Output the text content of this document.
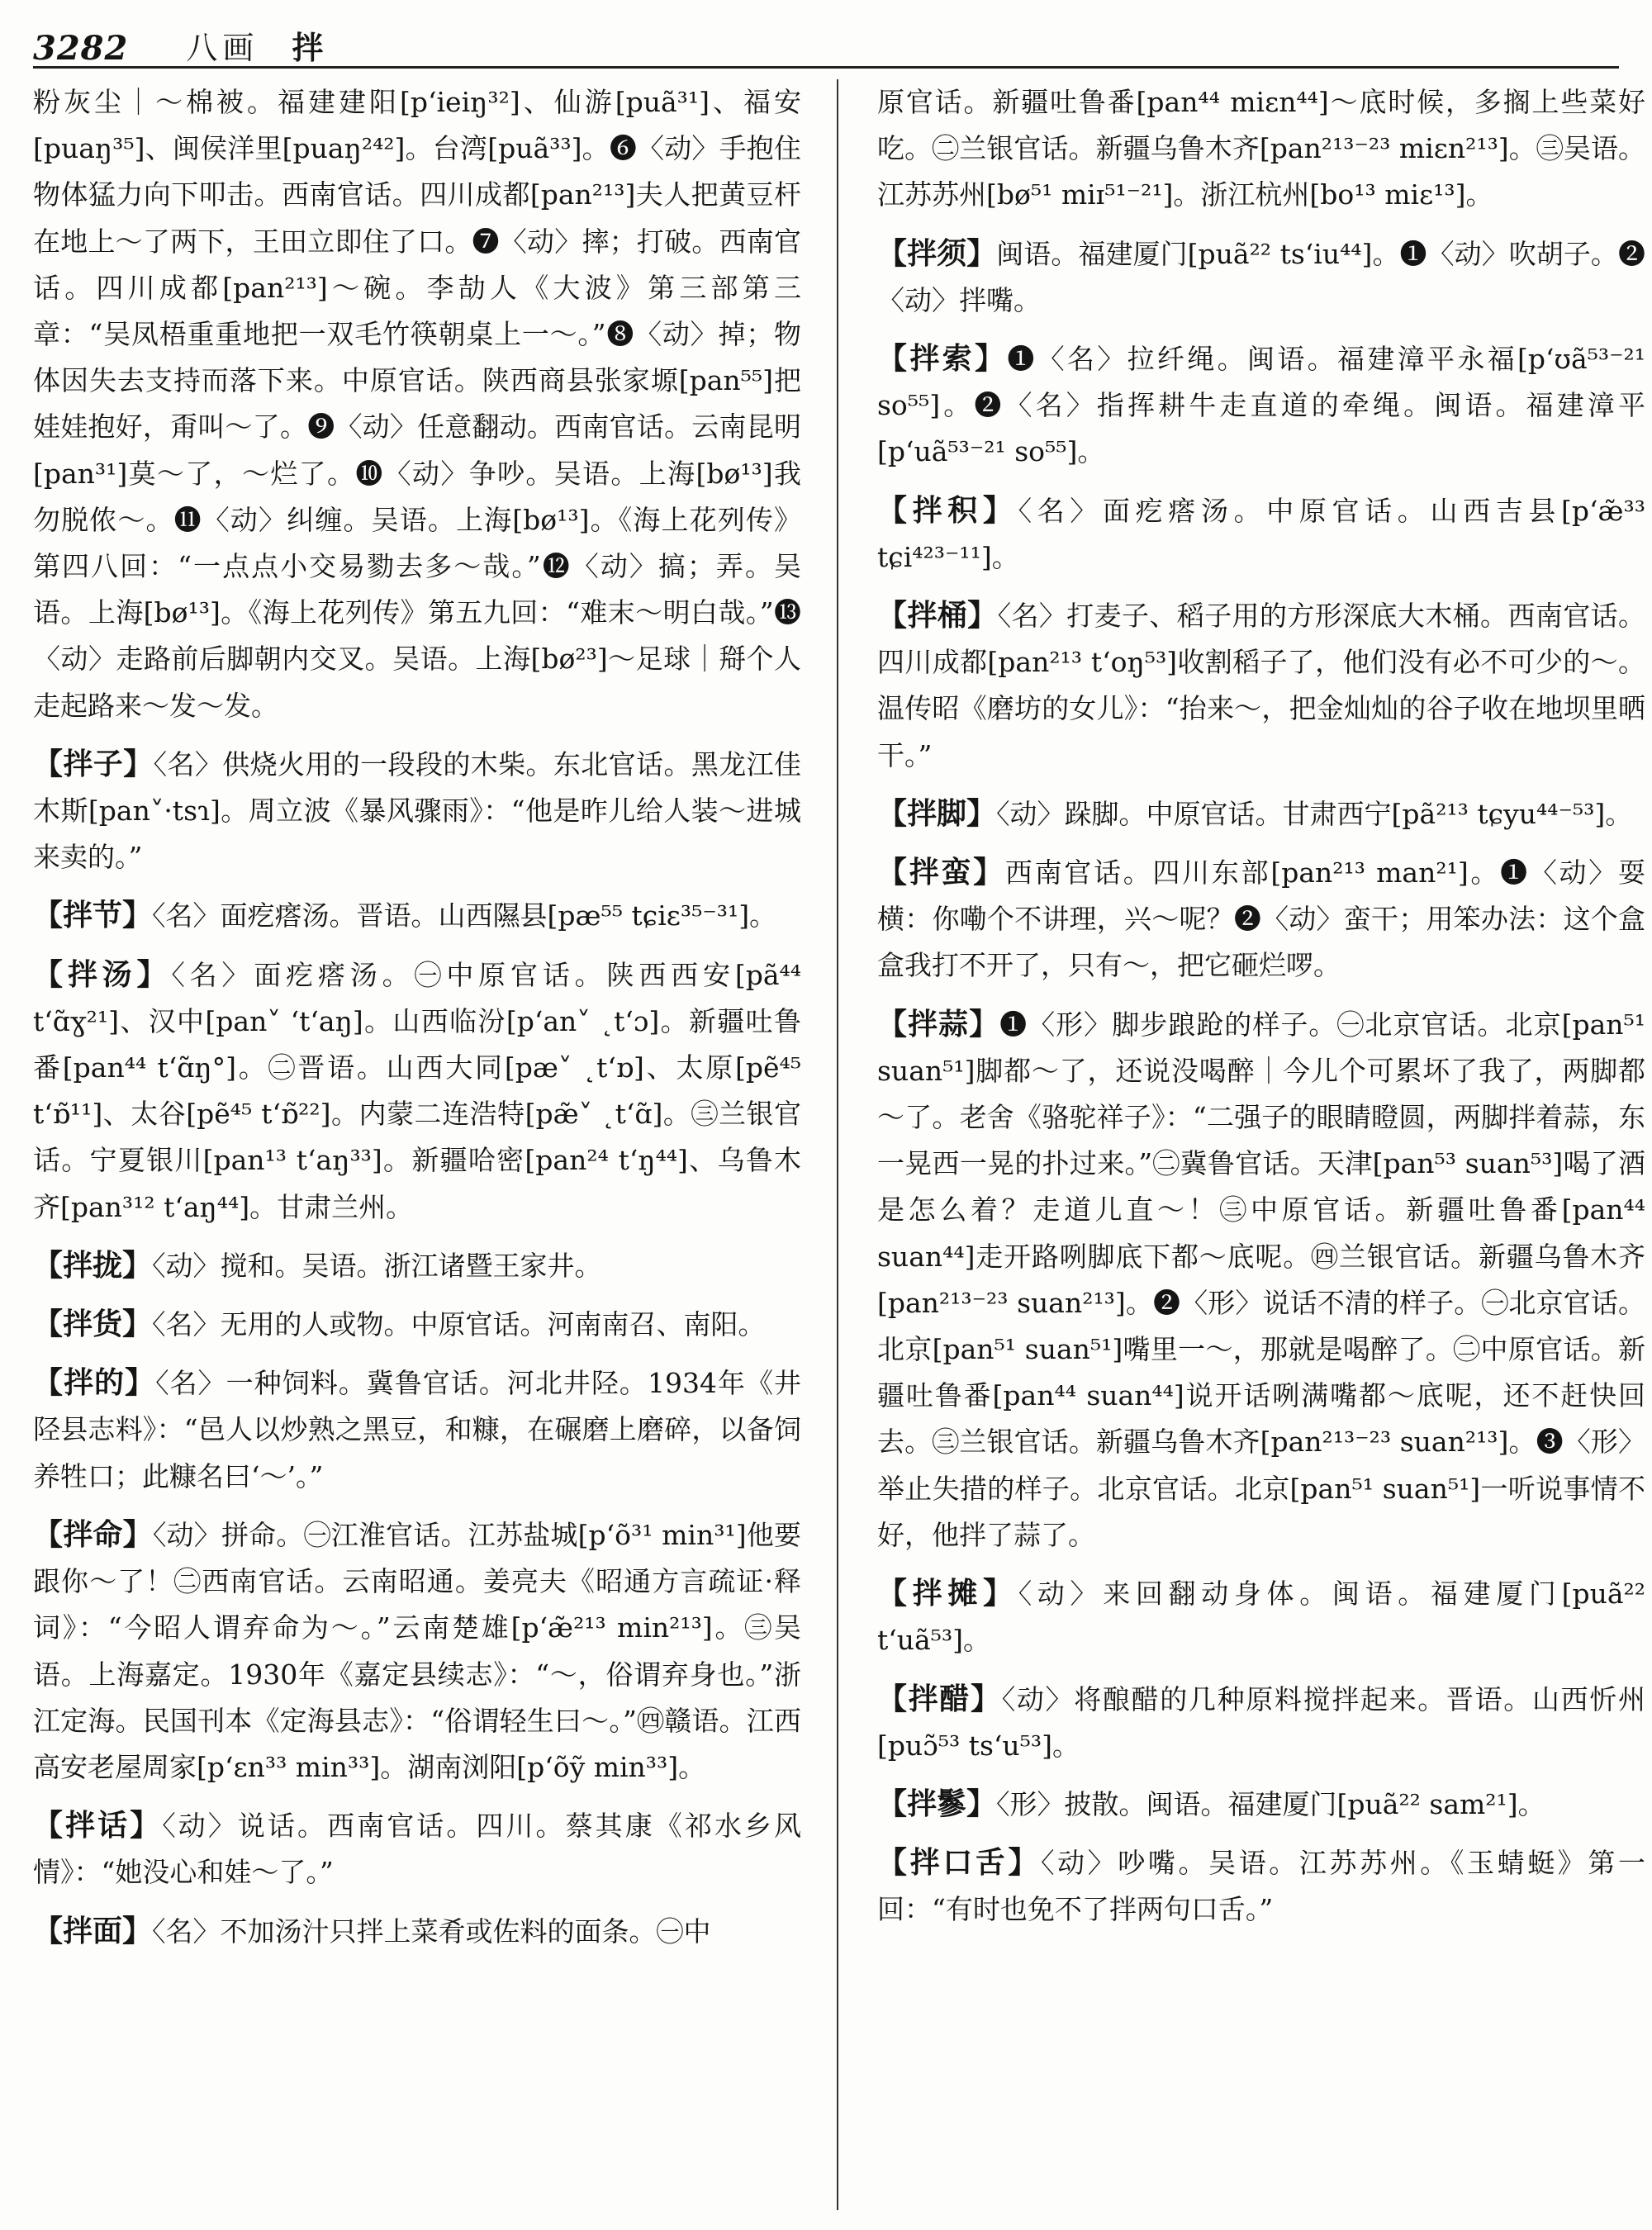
3282 八画 拌

粉灰尘｜～棉被。福建建阳[p‘ieiŋ³²]、仙游[puã³¹]、福安[puaŋ³⁵]、闽侯洋里[puaŋ²⁴²]。台湾[puã³³]。❻〈动〉手抱住物体猛力向下叩击。西南官话。四川成都[pan²¹³]夫人把黄豆杆在地上～了两下，王田立即住了口。❼〈动〉摔；打破。西南官话。四川成都[pan²¹³]～碗。李劼人《大波》第三部第三章：“吴凤梧重重地把一双毛竹筷朝桌上一～。”❽〈动〉掉；物体因失去支持而落下来。中原官话。陕西商县张家塬[pan⁵⁵]把娃娃抱好，甭叫～了。❾〈动〉任意翻动。西南官话。云南昆明[pan³¹]莫～了，～烂了。❿〈动〉争吵。吴语。上海[bø¹³]我勿脱侬～。⓫〈动〉纠缠。吴语。上海[bø¹³]。《海上花列传》第四八回：“一点点小交易勠去多～哉。”⓬〈动〉搞；弄。吴语。上海[bø¹³]。《海上花列传》第五九回：“难末～明白哉。”⓭〈动〉走路前后脚朝内交叉。吴语。上海[bø²³]～足球｜搿个人走起路来～发～发。

【拌子】〈名〉供烧火用的一段段的木柴。东北官话。黑龙江佳木斯[pan˅·tsɿ]。周立波《暴风骤雨》：“他是昨儿给人装～进城来卖的。”
【拌节】〈名〉面疙瘩汤。晋语。山西隰县[pæ⁵⁵ tɕiɛ³⁵⁻³¹]。
【拌汤】〈名〉面疙瘩汤。㊀中原官话。陕西西安[pã⁴⁴ t‘ɑ̃ɣ²¹]、汉中[pan˅ ‘t‘aŋ]。山西临汾[p‘an˅ ˛t‘ɔ]。新疆吐鲁番[pan⁴⁴ t‘ɑ̃ŋ°]。㊁晋语。山西大同[pæ˅ ˛t‘ɒ]、太原[pẽ⁴⁵ t‘ɒ̃¹¹]、太谷[pẽ⁴⁵ t‘ɒ̃²²]。内蒙二连浩特[pæ̃˅ ˛t‘ɑ̃]。㊂兰银官话。宁夏银川[pan¹³ t‘aŋ³³]。新疆哈密[pan²⁴ t‘ŋ⁴⁴]、乌鲁木齐[pan³¹² t‘aŋ⁴⁴]。甘肃兰州。
【拌拢】〈动〉搅和。吴语。浙江诸暨王家井。
【拌货】〈名〉无用的人或物。中原官话。河南南召、南阳。
【拌的】〈名〉一种饲料。冀鲁官话。河北井陉。1934年《井陉县志料》：“邑人以炒熟之黑豆，和糠，在碾磨上磨碎，以备饲养牲口；此糠名曰‘～’。”
【拌命】〈动〉拼命。㊀江淮官话。江苏盐城[p‘õ³¹ min³¹]他要跟你～了！㊁西南官话。云南昭通。姜亮夫《昭通方言疏证·释词》：“今昭人谓弃命为～。”云南楚雄[p‘æ̃²¹³ min²¹³]。㊂吴语。上海嘉定。1930年《嘉定县续志》：“～，俗谓弃身也。”浙江定海。民国刊本《定海县志》：“俗谓轻生曰～。”㊃赣语。江西高安老屋周家[p‘ɛn³³ min³³]。湖南浏阳[p‘õỹ min³³]。
【拌话】〈动〉说话。西南官话。四川。蔡其康《祁水乡风情》：“她没心和娃～了。”
【拌面】〈名〉不加汤汁只拌上菜肴或佐料的面条。㊀中

原官话。新疆吐鲁番[pan⁴⁴ miɛn⁴⁴]～底时候，多搁上些菜好吃。㊁兰银官话。新疆乌鲁木齐[pan²¹³⁻²³ miɛn²¹³]。㊂吴语。江苏苏州[bø⁵¹ miɪ⁵¹⁻²¹]。浙江杭州[bo¹³ miɛ¹³]。

【拌须】闽语。福建厦门[puã²² ts‘iu⁴⁴]。❶〈动〉吹胡子。❷〈动〉拌嘴。
【拌索】❶〈名〉拉纤绳。闽语。福建漳平永福[p‘ʊã⁵³⁻²¹ so⁵⁵]。❷〈名〉指挥耕牛走直道的牵绳。闽语。福建漳平[p‘uã⁵³⁻²¹ so⁵⁵]。
【拌积】〈名〉面疙瘩汤。中原官话。山西吉县[p‘æ̃³³ tɕi⁴²³⁻¹¹]。
【拌桶】〈名〉打麦子、稻子用的方形深底大木桶。西南官话。四川成都[pan²¹³ t‘oŋ⁵³]收割稻子了，他们没有必不可少的～。温传昭《磨坊的女儿》：“抬来～，把金灿灿的谷子收在地坝里晒干。”
【拌脚】〈动〉跺脚。中原官话。甘肃西宁[pã²¹³ tɕyu⁴⁴⁻⁵³]。
【拌蛮】西南官话。四川东部[pan²¹³ man²¹]。❶〈动〉耍横：你嘞个不讲理，兴～呢？❷〈动〉蛮干；用笨办法：这个盒盒我打不开了，只有～，把它砸烂啰。
【拌蒜】❶〈形〉脚步踉跄的样子。㊀北京官话。北京[pan⁵¹ suan⁵¹]脚都～了，还说没喝醉｜今儿个可累坏了我了，两脚都～了。老舍《骆驼祥子》：“二强子的眼睛瞪圆，两脚拌着蒜，东一晃西一晃的扑过来。”㊁冀鲁官话。天津[pan⁵³ suan⁵³]喝了酒是怎么着？走道儿直～！㊂中原官话。新疆吐鲁番[pan⁴⁴ suan⁴⁴]走开路咧脚底下都～底呢。㊃兰银官话。新疆乌鲁木齐[pan²¹³⁻²³ suan²¹³]。❷〈形〉说话不清的样子。㊀北京官话。北京[pan⁵¹ suan⁵¹]嘴里一～，那就是喝醉了。㊁中原官话。新疆吐鲁番[pan⁴⁴ suan⁴⁴]说开话咧满嘴都～底呢，还不赶快回去。㊂兰银官话。新疆乌鲁木齐[pan²¹³⁻²³ suan²¹³]。❸〈形〉举止失措的样子。北京官话。北京[pan⁵¹ suan⁵¹]一听说事情不好，他拌了蒜了。
【拌摊】〈动〉来回翻动身体。闽语。福建厦门[puã²² t‘uã⁵³]。
【拌醋】〈动〉将酿醋的几种原料搅拌起来。晋语。山西忻州[puɔ̃⁵³ ts‘u⁵³]。
【拌鬖】〈形〉披散。闽语。福建厦门[puã²² sam²¹]。
【拌口舌】〈动〉吵嘴。吴语。江苏苏州。《玉蜻蜓》第一回：“有时也免不了拌两句口舌。”
